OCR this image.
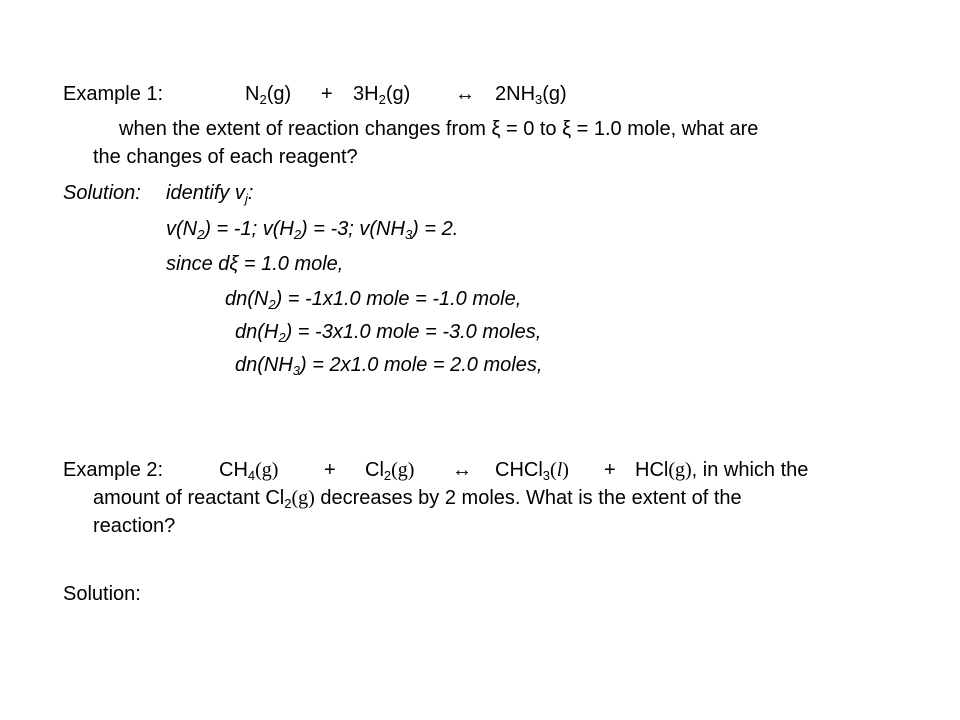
Example 1:	$N_2(g) + 3H_2(g)$ ↔ $2NH_3(g)$
when the extent of reaction changes from ξ = 0 to ξ = 1.0 mole, what are
the changes of each reagent?
Solution: identify $v_j$:
$v(N_2) = -1$; $v(H_2) = -3$; $v(NH_3) = 2$.
since dξ = 1.0 mole,
$dn(N_2) = -1x1.0$ mole = -1.0 mole,
$dn(H_2) = -3x1.0$ mole = -3.0 moles,
$dn(NH_3) = 2x1.0$ mole = 2.0 moles,
Example 2:	$CH_4(g) + Cl_2(g)$ ↔ CHCl$_3$(l) + HCl(g), in which the
amount of reactant $Cl_2(g)$ decreases by 2 moles. What is the extent of the
reaction?
Solution:
